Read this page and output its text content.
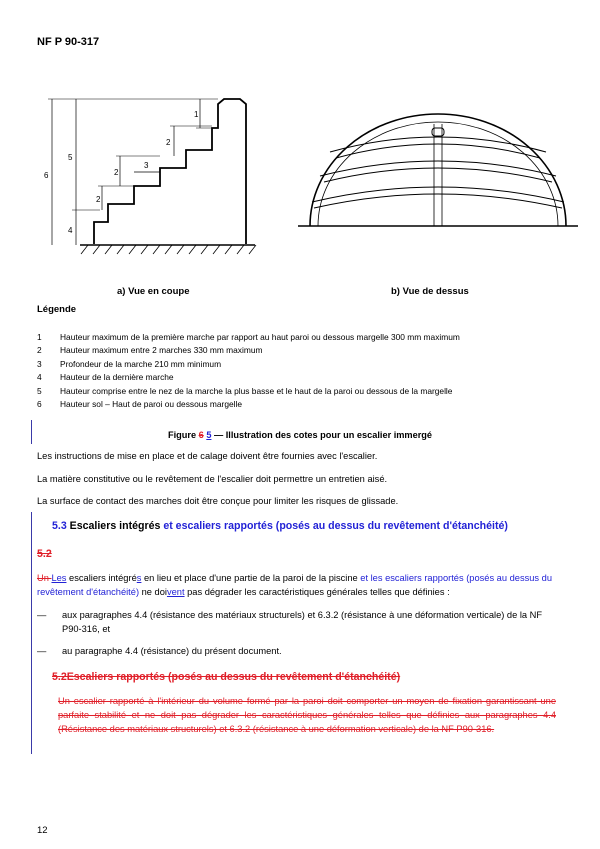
NF P 90-317
6
5
4
2
2
2
3
1
a) Vue en coupe	b) Vue de dessus
Légende
1	Hauteur maximum de la première marche par rapport au haut paroi ou dessous margelle 300 mm maximum
2	Hauteur maximum entre 2 marches 330 mm maximum
3	Profondeur de la marche 210 mm minimum
4	Hauteur de la dernière marche
5	Hauteur comprise entre le nez de la marche la plus basse et le haut de la paroi ou dessous de la margelle
6	Hauteur sol – Haut de paroi ou dessous margelle
Figure 6 5 — Illustration des cotes pour un escalier immergé
Les instructions de mise en place et de calage doivent être fournies avec l'escalier.
La matière constitutive ou le revêtement de l'escalier doit permettre un entretien aisé.
La surface de contact des marches doit être conçue pour limiter les risques de glissade.
5.3 Escaliers intégrés et escaliers rapportés (posés au dessus du revêtement d'étanchéité)
5.2
Un Les escaliers intégrés en lieu et place d'une partie de la paroi de la piscine et les escaliers rapportés (posés au dessus du revêtement d'étanchéité) ne doivent pas dégrader les caractéristiques générales telles que définies :
—	aux paragraphes 4.4 (résistance des matériaux structurels) et 6.3.2 (résistance à une déformation verticale) de la NF P90-316, et
—	au paragraphe 4.4 (résistance) du présent document.
5.2Escaliers rapportés (posés au dessus du revêtement d'étanchéité)
Un escalier rapporté à l'intérieur du volume formé par la paroi doit comporter un moyen de fixation garantissant une parfaite stabilité et ne doit pas dégrader les caractéristiques générales telles que définies aux paragraphes 4.4 (Résistance des matériaux structurels) et 6.3.2 (résistance à une déformation verticale) de la NF P90-316.
12
